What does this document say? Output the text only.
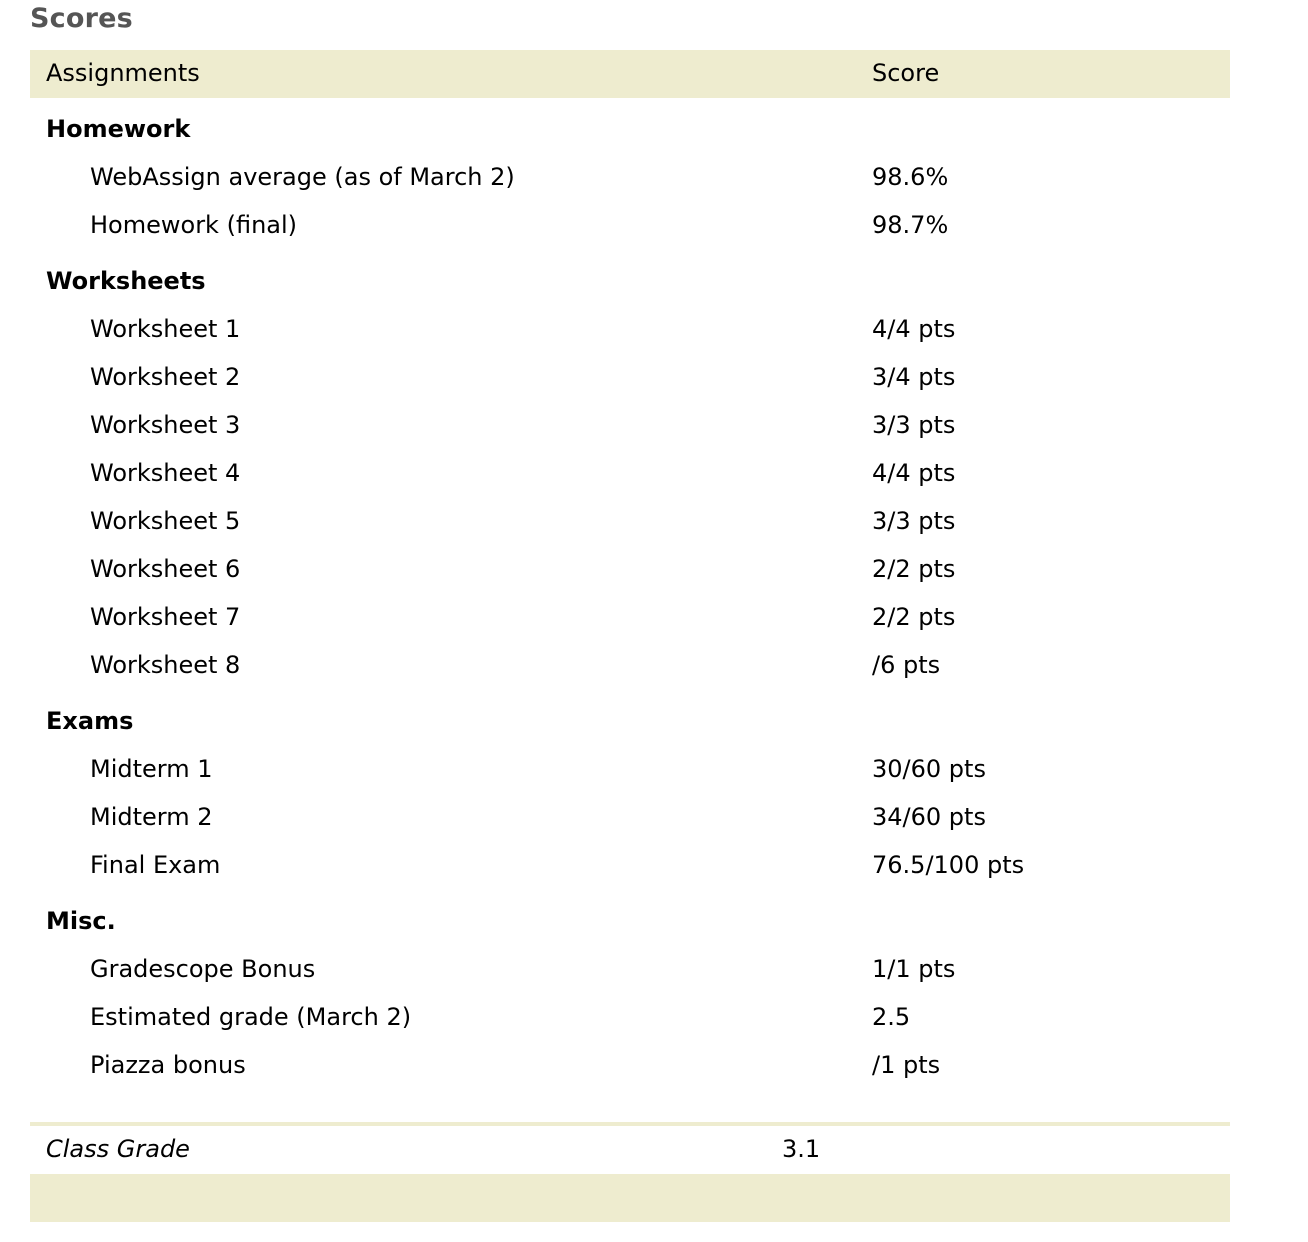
Scores
Assignments	Score
Homework
WebAssign average (as of March 2)	98.6%
Homework (final)	98.7%
Worksheets
Worksheet 1	4/4 pts
Worksheet 2	3/4 pts
Worksheet 3	3/3 pts
Worksheet 4	4/4 pts
Worksheet 5	3/3 pts
Worksheet 6	2/2 pts
Worksheet 7	2/2 pts
Worksheet 8	/6 pts
Exams
Midterm 1	30/60 pts
Midterm 2	34/60 pts
Final Exam	76.5/100 pts
Misc.
Gradescope Bonus	1/1 pts
Estimated grade (March 2)	2.5
Piazza bonus	/1 pts
Class Grade	3.1
